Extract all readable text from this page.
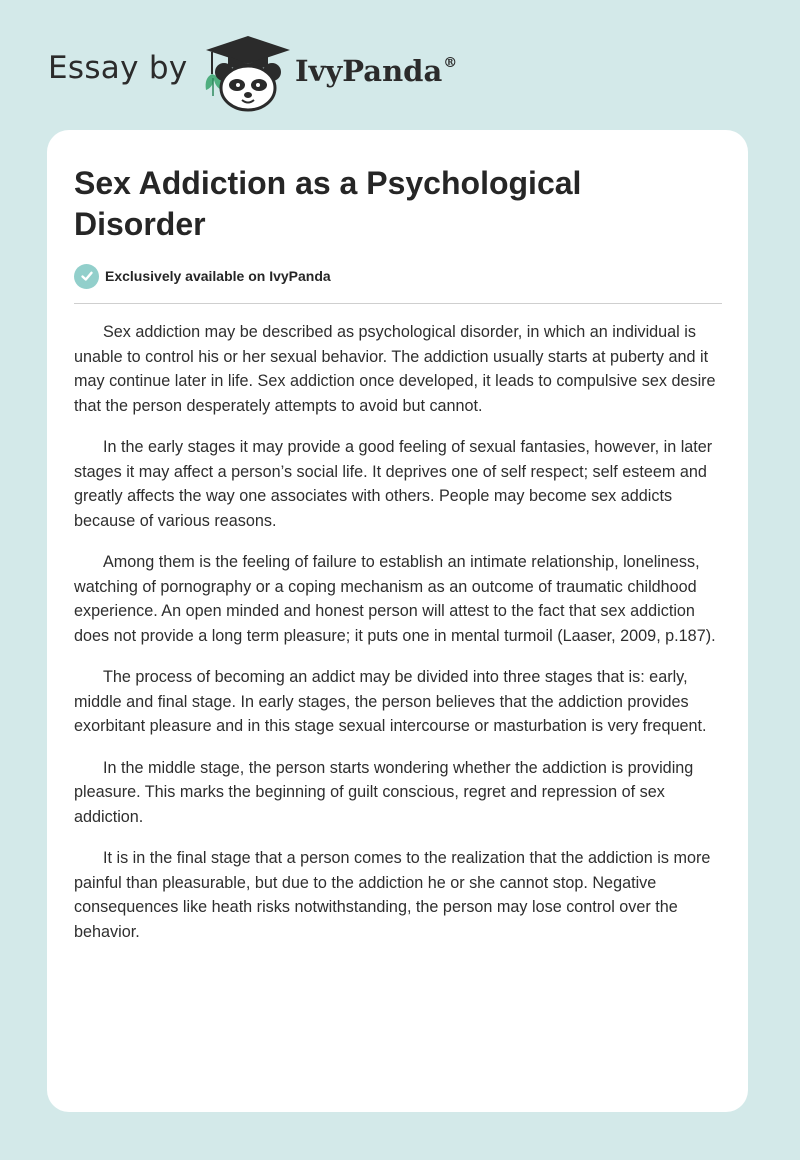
Essay by	IvyPanda®
Sex Addiction as a Psychological Disorder
Exclusively available on IvyPanda

Sex addiction may be described as psychological disorder, in which an individual is unable to control his or her sexual behavior. The addiction usually starts at puberty and it may continue later in life. Sex addiction once developed, it leads to compulsive sex desire that the person desperately attempts to avoid but cannot.

In the early stages it may provide a good feeling of sexual fantasies, however, in later stages it may affect a person’s social life. It deprives one of self respect; self esteem and greatly affects the way one associates with others. People may become sex addicts because of various reasons.

Among them is the feeling of failure to establish an intimate relationship, loneliness, watching of pornography or a coping mechanism as an outcome of traumatic childhood experience. An open minded and honest person will attest to the fact that sex addiction does not provide a long term pleasure; it puts one in mental turmoil (Laaser, 2009, p.187).

The process of becoming an addict may be divided into three stages that is: early, middle and final stage. In early stages, the person believes that the addiction provides exorbitant pleasure and in this stage sexual intercourse or masturbation is very frequent.

In the middle stage, the person starts wondering whether the addiction is providing pleasure. This marks the beginning of guilt conscious, regret and repression of sex addiction.

It is in the final stage that a person comes to the realization that the addiction is more painful than pleasurable, but due to the addiction he or she cannot stop. Negative consequences like heath risks notwithstanding, the person may lose control over the behavior.
